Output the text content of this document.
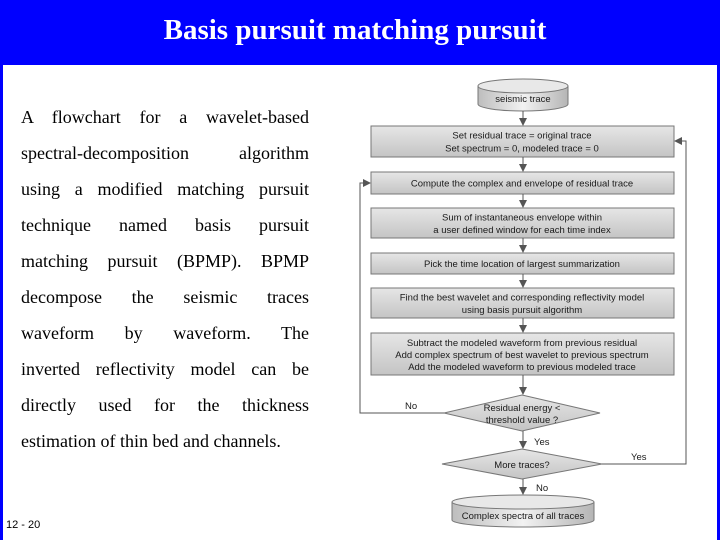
Basis pursuit matching pursuit

A flowchart for a wavelet-based
spectral-decomposition algorithm
using a modified matching pursuit
technique named basis pursuit
matching pursuit (BPMP). BPMP
decompose the seismic traces
waveform by waveform. The
inverted reflectivity model can be
directly used for the thickness
estimation of thin bed and channels.

12 - 20
seismic trace
Set residual trace = original trace
Set spectrum = 0, modeled trace = 0
Compute the complex and envelope of residual trace
Sum of instantaneous envelope within
a user defined window for each time index
Pick the time location of largest summarization
Find the best wavelet and corresponding reflectivity model
using basis pursuit algorithm
Subtract the modeled waveform from previous residual
Add complex spectrum of best wavelet to previous spectrum
Add the modeled waveform to previous modeled trace
Residual energy <
threshold value ?
More traces?
Complex spectra of all traces
No
Yes
Yes
No
